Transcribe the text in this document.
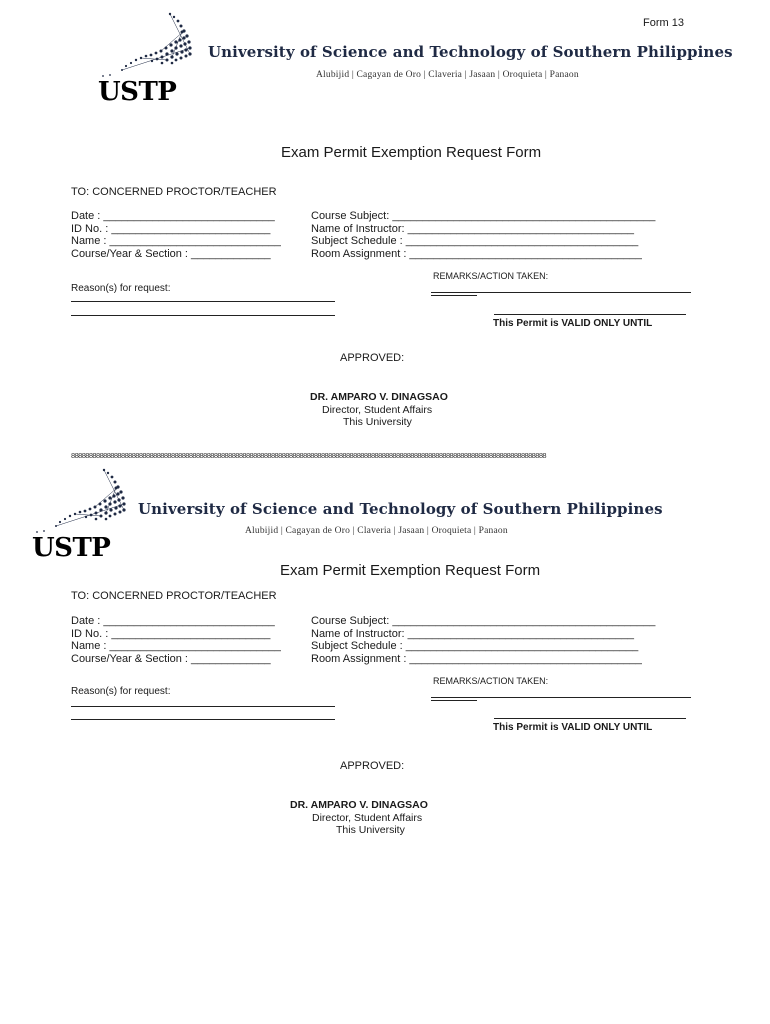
Form 13
USTP
University of Science and Technology of Southern Philippines
Alubijid | Cagayan de Oro | Claveria | Jasaan | Oroquieta | Panaon
Exam Permit Exemption Request Form
TO: CONCERNED PROCTOR/TEACHER
Date : ____________________________
ID No. : __________________________
Name : ____________________________
Course/Year & Section : _____________
Course Subject: ___________________________________________
Name of Instructor: _____________________________________
Subject Schedule : ______________________________________
Room Assignment : ______________________________________
REMARKS/ACTION TAKEN:
Reason(s) for request:
This Permit is VALID ONLY UNTIL
APPROVED:
DR. AMPARO V. DINAGSAO
Director, Student Affairs
This University
8888888888888888888888888888888888888888888888888888888888888888888888888888888888888888888888888888888888888888888888888888888888888
USTP
University of Science and Technology of Southern Philippines
Alubijid | Cagayan de Oro | Claveria | Jasaan | Oroquieta | Panaon
Exam Permit Exemption Request Form
TO: CONCERNED PROCTOR/TEACHER
Date : ____________________________
ID No. : __________________________
Name : ____________________________
Course/Year & Section : _____________
Course Subject: ___________________________________________
Name of Instructor: _____________________________________
Subject Schedule : ______________________________________
Room Assignment : ______________________________________
REMARKS/ACTION TAKEN:
Reason(s) for request:
This Permit is VALID ONLY UNTIL
APPROVED:
DR. AMPARO V. DINAGSAO
Director, Student Affairs
This University
